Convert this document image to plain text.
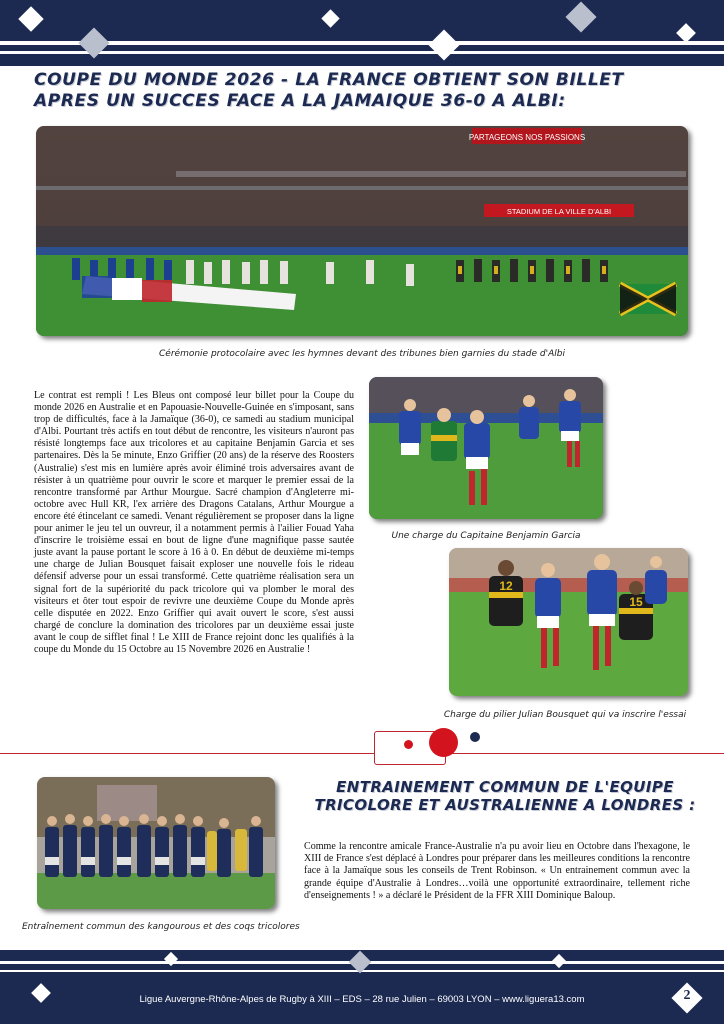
COUPE DU MONDE 2026 - LA FRANCE OBTIENT SON BILLET APRES UN SUCCES FACE A LA JAMAIQUE 36-0 A ALBI:
PARTAGEONS NOS PASSIONS
STADIUM DE LA VILLE D'ALBI
Cérémonie protocolaire avec les hymnes devant des tribunes bien garnies du stade d'Albi
Le contrat est rempli ! Les Bleus ont composé leur billet pour la Coupe du monde 2026 en Australie et en Papouasie-Nouvelle-Guinée en s'imposant, sans trop de difficultés, face à la Jamaïque (36-0), ce samedi au stadium municipal d'Albi. Pourtant très actifs en tout début de rencontre, les visiteurs n'auront pas résisté longtemps face aux tricolores et au capitaine Benjamin Garcia et ses partenaires. Dès la 5e minute, Enzo Griffier (20 ans) de la réserve des Roosters (Australie) s'est mis en lumière après avoir éliminé trois adversaires avant de résister à un quatrième pour ouvrir le score et marquer le premier essai de la rencontre transformé par Arthur Mourgue. Sacré champion d'Angleterre mi-octobre avec Hull KR, l'ex arrière des Dragons Catalans, Arthur Mourgue a encore été étincelant ce samedi. Venant régulièrement se proposer dans la ligne pour animer le jeu tel un ouvreur, il a notamment permis à l'ailier Fouad Yaha d'inscrire le troisième essai en bout de ligne d'une magnifique passe sautée juste avant la pause portant le score à 16 à 0. En début de deuxième mi-temps une charge de Julian Bousquet faisait exploser une nouvelle fois le rideau défensif adverse pour un essai transformé. Cette quatrième réalisation sera un signal fort de la supériorité du pack tricolore qui va plomber le moral des visiteurs et ôter tout espoir de revivre une deuxième Coupe du Monde après celle disputée en 2022. Enzo Griffier qui avait ouvert le score, s'est aussi chargé de conclure la domination des tricolores par un deuxième essai juste avant le coup de sifflet final ! Le XIII de France rejoint donc les qualifiés à la coupe du Monde du 15 Octobre au 15 Novembre 2026 en Australie !
Une charge du Capitaine Benjamin Garcia
12
15
Charge du pilier Julian Bousquet qui va inscrire l'essai
Entraînement commun des kangourous et des coqs tricolores
ENTRAINEMENT COMMUN DE L'EQUIPE TRICOLORE ET AUSTRALIENNE A LONDRES :
Comme la rencontre amicale France-Australie n'a pu avoir lieu en Octobre dans l'hexagone, le XIII de France s'est déplacé à Londres pour préparer dans les meilleures conditions la rencontre face à la Jamaïque sous les conseils de Trent Robinson. « Un entrainement commun avec la grande équipe d'Australie à Londres…voilà une opportunité extraordinaire, tellement riche d'enseignements ! » a déclaré le Président de la FFR XIII Dominique Baloup.
Ligue Auvergne-Rhône-Alpes de Rugby à XIII – EDS – 28 rue Julien – 69003 LYON – www.liguera13.com	2
